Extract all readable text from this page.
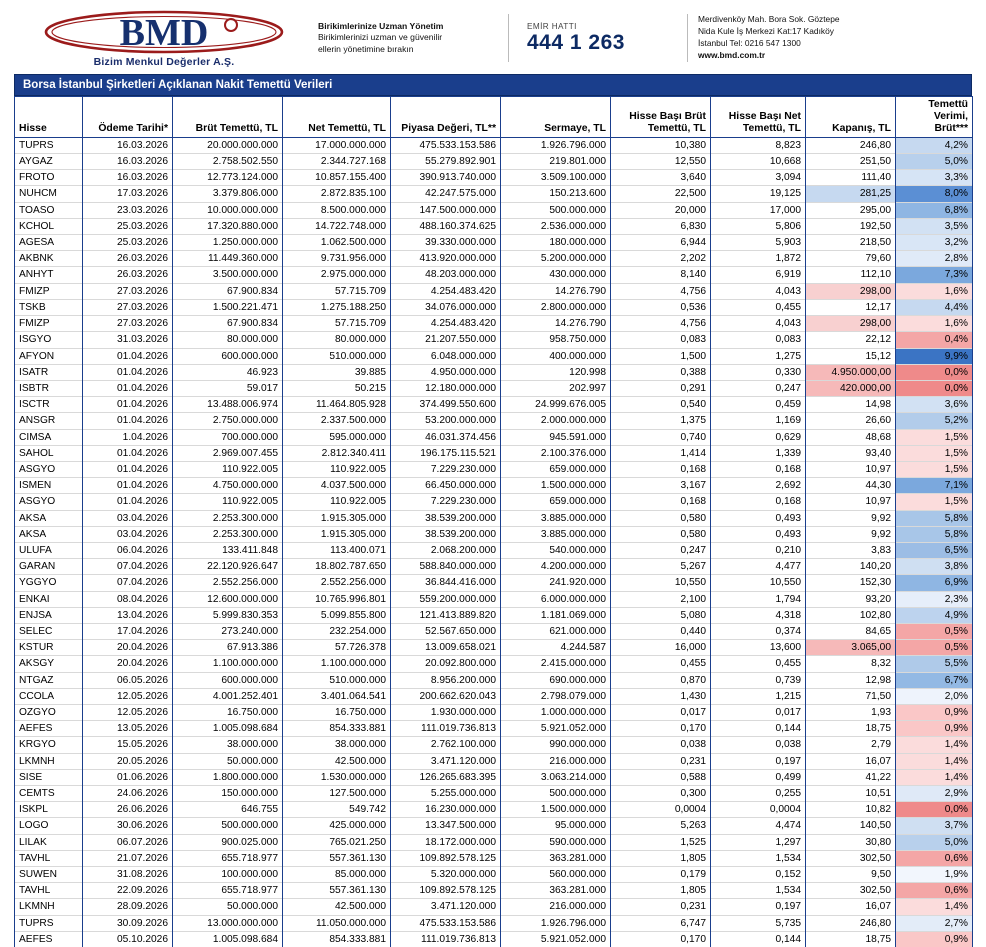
BMD
Bizim Menkul Değerler A.Ş.
Birikimlerinize Uzman Yönetim
Birikimlerinizi uzman ve güvenilir
ellerin yönetimine bırakın
EMİR HATTI
444 1 263
Merdivenköy Mah. Bora Sok. Göztepe
Nida Kule İş Merkezi Kat:17 Kadıköy
İstanbul Tel: 0216 547 1300
www.bmd.com.tr
Borsa İstanbul Şirketleri Açıklanan Nakit Temettü Verileri
Hisse	Ödeme Tarihi*	Brüt Temettü, TL	Net Temettü, TL	Piyasa Değeri, TL**	Sermaye, TL	Hisse Başı Brüt Temettü, TL	Hisse Başı Net Temettü, TL	Kapanış, TL	Temettü Verimi, Brüt***
TUPRS	16.03.2026	20.000.000.000	17.000.000.000	475.533.153.586	1.926.796.000	10,380	8,823	246,80	4,2%
AYGAZ	16.03.2026	2.758.502.550	2.344.727.168	55.279.892.901	219.801.000	12,550	10,668	251,50	5,0%
FROTO	16.03.2026	12.773.124.000	10.857.155.400	390.913.740.000	3.509.100.000	3,640	3,094	111,40	3,3%
NUHCM	17.03.2026	3.379.806.000	2.872.835.100	42.247.575.000	150.213.600	22,500	19,125	281,25	8,0%
TOASO	23.03.2026	10.000.000.000	8.500.000.000	147.500.000.000	500.000.000	20,000	17,000	295,00	6,8%
KCHOL	25.03.2026	17.320.880.000	14.722.748.000	488.160.374.625	2.536.000.000	6,830	5,806	192,50	3,5%
AGESA	25.03.2026	1.250.000.000	1.062.500.000	39.330.000.000	180.000.000	6,944	5,903	218,50	3,2%
AKBNK	26.03.2026	11.449.360.000	9.731.956.000	413.920.000.000	5.200.000.000	2,202	1,872	79,60	2,8%
ANHYT	26.03.2026	3.500.000.000	2.975.000.000	48.203.000.000	430.000.000	8,140	6,919	112,10	7,3%
FMIZP	27.03.2026	67.900.834	57.715.709	4.254.483.420	14.276.790	4,756	4,043	298,00	1,6%
TSKB	27.03.2026	1.500.221.471	1.275.188.250	34.076.000.000	2.800.000.000	0,536	0,455	12,17	4,4%
FMIZP	27.03.2026	67.900.834	57.715.709	4.254.483.420	14.276.790	4,756	4,043	298,00	1,6%
ISGYO	31.03.2026	80.000.000	80.000.000	21.207.550.000	958.750.000	0,083	0,083	22,12	0,4%
AFYON	01.04.2026	600.000.000	510.000.000	6.048.000.000	400.000.000	1,500	1,275	15,12	9,9%
ISATR	01.04.2026	46.923	39.885	4.950.000.000	120.998	0,388	0,330	4.950.000,00	0,0%
ISBTR	01.04.2026	59.017	50.215	12.180.000.000	202.997	0,291	0,247	420.000,00	0,0%
ISCTR	01.04.2026	13.488.006.974	11.464.805.928	374.499.550.600	24.999.676.005	0,540	0,459	14,98	3,6%
ANSGR	01.04.2026	2.750.000.000	2.337.500.000	53.200.000.000	2.000.000.000	1,375	1,169	26,60	5,2%
CIMSA	1.04.2026	700.000.000	595.000.000	46.031.374.456	945.591.000	0,740	0,629	48,68	1,5%
SAHOL	01.04.2026	2.969.007.455	2.812.340.411	196.175.115.521	2.100.376.000	1,414	1,339	93,40	1,5%
ASGYO	01.04.2026	110.922.005	110.922.005	7.229.230.000	659.000.000	0,168	0,168	10,97	1,5%
ISMEN	01.04.2026	4.750.000.000	4.037.500.000	66.450.000.000	1.500.000.000	3,167	2,692	44,30	7,1%
ASGYO	01.04.2026	110.922.005	110.922.005	7.229.230.000	659.000.000	0,168	0,168	10,97	1,5%
AKSA	03.04.2026	2.253.300.000	1.915.305.000	38.539.200.000	3.885.000.000	0,580	0,493	9,92	5,8%
AKSA	03.04.2026	2.253.300.000	1.915.305.000	38.539.200.000	3.885.000.000	0,580	0,493	9,92	5,8%
ULUFA	06.04.2026	133.411.848	113.400.071	2.068.200.000	540.000.000	0,247	0,210	3,83	6,5%
GARAN	07.04.2026	22.120.926.647	18.802.787.650	588.840.000.000	4.200.000.000	5,267	4,477	140,20	3,8%
YGGYO	07.04.2026	2.552.256.000	2.552.256.000	36.844.416.000	241.920.000	10,550	10,550	152,30	6,9%
ENKAI	08.04.2026	12.600.000.000	10.765.996.801	559.200.000.000	6.000.000.000	2,100	1,794	93,20	2,3%
ENJSA	13.04.2026	5.999.830.353	5.099.855.800	121.413.889.820	1.181.069.000	5,080	4,318	102,80	4,9%
SELEC	17.04.2026	273.240.000	232.254.000	52.567.650.000	621.000.000	0,440	0,374	84,65	0,5%
KSTUR	20.04.2026	67.913.386	57.726.378	13.009.658.021	4.244.587	16,000	13,600	3.065,00	0,5%
AKSGY	20.04.2026	1.100.000.000	1.100.000.000	20.092.800.000	2.415.000.000	0,455	0,455	8,32	5,5%
NTGAZ	06.05.2026	600.000.000	510.000.000	8.956.200.000	690.000.000	0,870	0,739	12,98	6,7%
CCOLA	12.05.2026	4.001.252.401	3.401.064.541	200.662.620.043	2.798.079.000	1,430	1,215	71,50	2,0%
OZGYO	12.05.2026	16.750.000	16.750.000	1.930.000.000	1.000.000.000	0,017	0,017	1,93	0,9%
AEFES	13.05.2026	1.005.098.684	854.333.881	111.019.736.813	5.921.052.000	0,170	0,144	18,75	0,9%
KRGYO	15.05.2026	38.000.000	38.000.000	2.762.100.000	990.000.000	0,038	0,038	2,79	1,4%
LKMNH	20.05.2026	50.000.000	42.500.000	3.471.120.000	216.000.000	0,231	0,197	16,07	1,4%
SISE	01.06.2026	1.800.000.000	1.530.000.000	126.265.683.395	3.063.214.000	0,588	0,499	41,22	1,4%
CEMTS	24.06.2026	150.000.000	127.500.000	5.255.000.000	500.000.000	0,300	0,255	10,51	2,9%
ISKPL	26.06.2026	646.755	549.742	16.230.000.000	1.500.000.000	0,0004	0,0004	10,82	0,0%
LOGO	30.06.2026	500.000.000	425.000.000	13.347.500.000	95.000.000	5,263	4,474	140,50	3,7%
LILAK	06.07.2026	900.025.000	765.021.250	18.172.000.000	590.000.000	1,525	1,297	30,80	5,0%
TAVHL	21.07.2026	655.718.977	557.361.130	109.892.578.125	363.281.000	1,805	1,534	302,50	0,6%
SUWEN	31.08.2026	100.000.000	85.000.000	5.320.000.000	560.000.000	0,179	0,152	9,50	1,9%
TAVHL	22.09.2026	655.718.977	557.361.130	109.892.578.125	363.281.000	1,805	1,534	302,50	0,6%
LKMNH	28.09.2026	50.000.000	42.500.000	3.471.120.000	216.000.000	0,231	0,197	16,07	1,4%
TUPRS	30.09.2026	13.000.000.000	11.050.000.000	475.533.153.586	1.926.796.000	6,747	5,735	246,80	2,7%
AEFES	05.10.2026	1.005.098.684	854.333.881	111.019.736.813	5.921.052.000	0,170	0,144	18,75	0,9%
